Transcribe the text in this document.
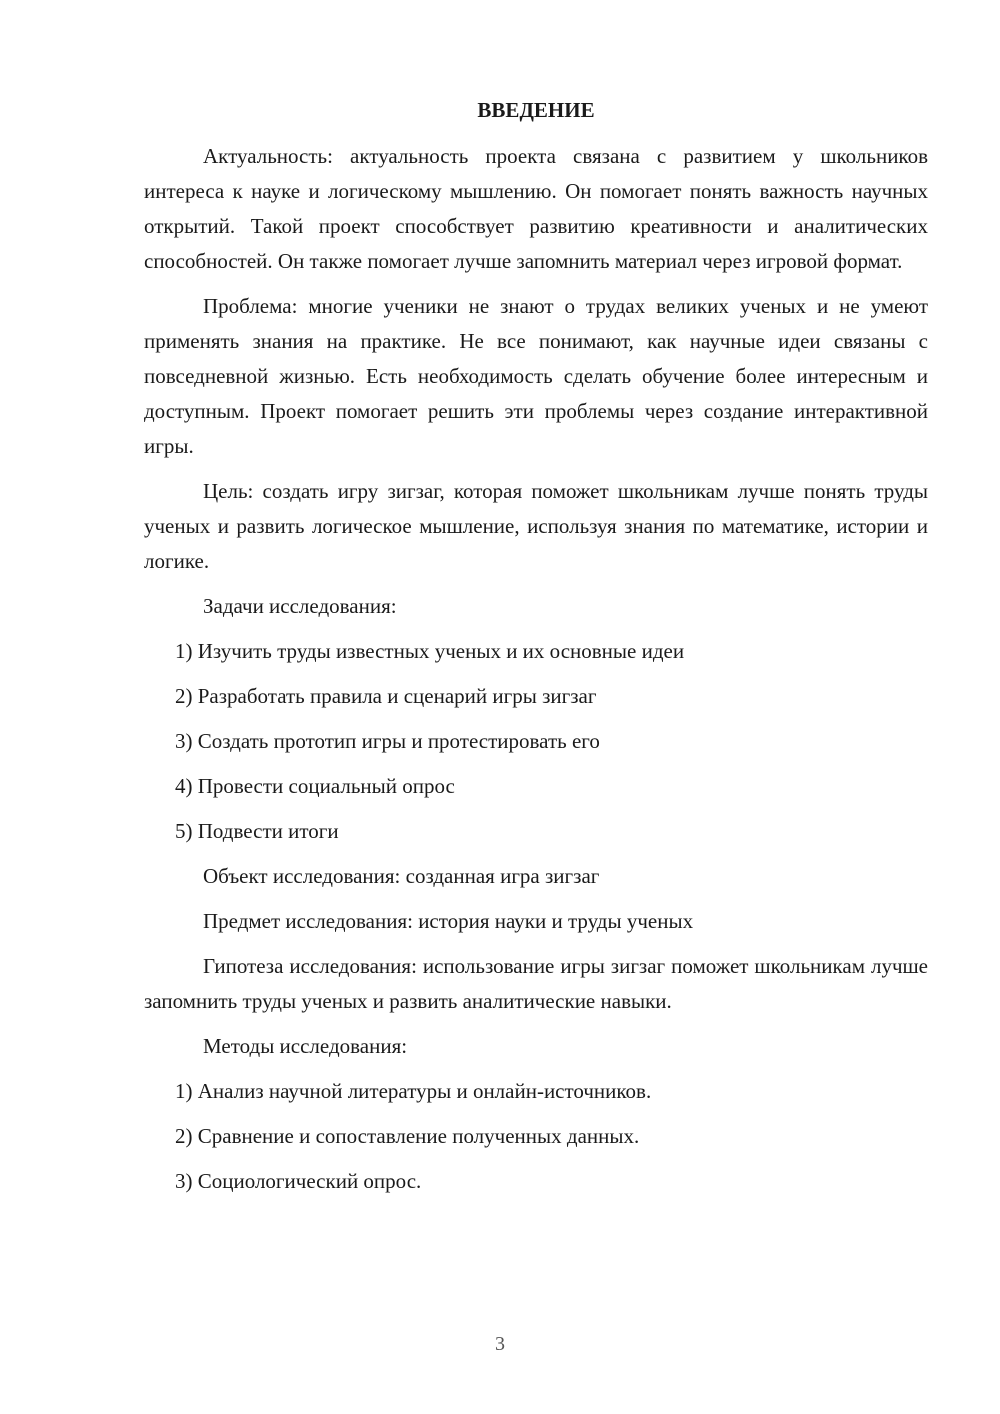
ВВЕДЕНИЕ

Актуальность: актуальность проекта связана с развитием у школьников интереса к науке и логическому мышлению. Он помогает понять важность научных открытий. Такой проект способствует развитию креативности и аналитических способностей. Он также помогает лучше запомнить материал через игровой формат.

Проблема: многие ученики не знают о трудах великих ученых и не умеют применять знания на практике. Не все понимают, как научные идеи связаны с повседневной жизнью. Есть необходимость сделать обучение более интересным и доступным. Проект помогает решить эти проблемы через создание интерактивной игры.

Цель: создать игру зигзаг, которая поможет школьникам лучше понять труды ученых и развить логическое мышление, используя знания по математике, истории и логике.

Задачи исследования:
1) Изучить труды известных ученых и их основные идеи
2) Разработать правила и сценарий игры зигзаг
3) Создать прототип игры и протестировать его
4) Провести социальный опрос
5) Подвести итоги
Объект исследования: созданная игра зигзаг
Предмет исследования: история науки и труды ученых

Гипотеза исследования: использование игры зигзаг поможет школьникам лучше запомнить труды ученых и развить аналитические навыки.

Методы исследования:
1) Анализ научной литературы и онлайн-источников.
2) Сравнение и сопоставление полученных данных.
3) Социологический опрос.
3
